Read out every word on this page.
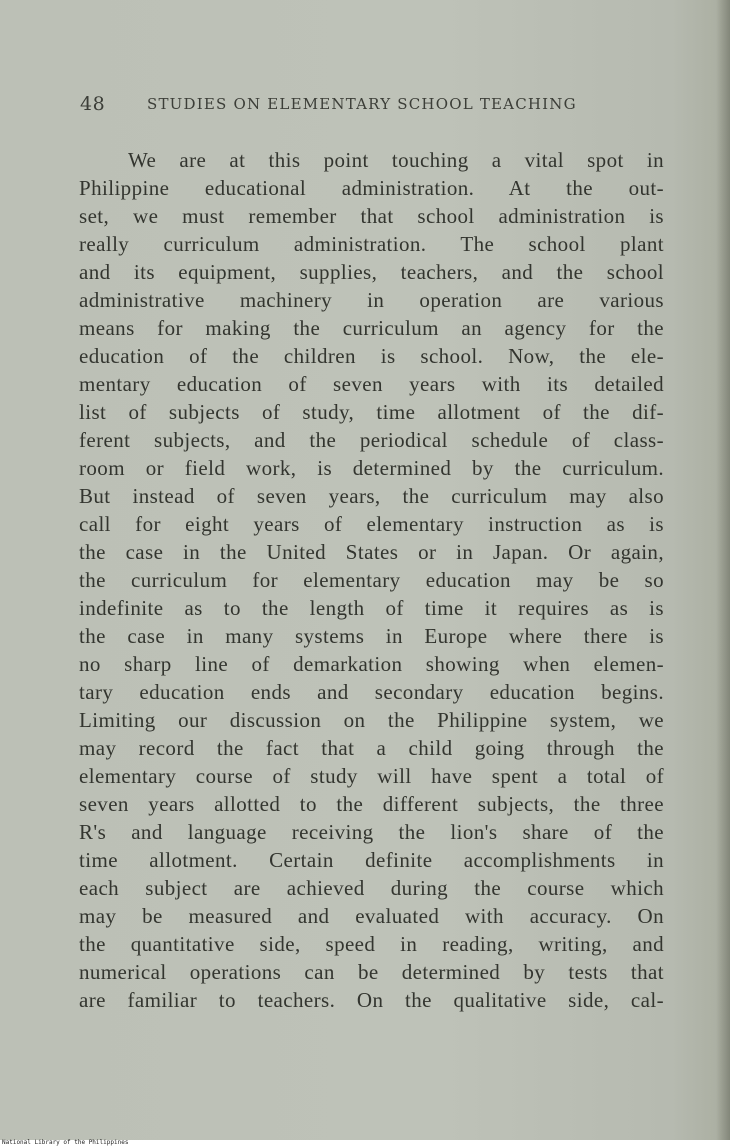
48	STUDIES ON ELEMENTARY SCHOOL TEACHING
We are at this point touching a vital spot in
Philippine educational administration. At the out-
set, we must remember that school administration is
really curriculum administration. The school plant
and its equipment, supplies, teachers, and the school
administrative machinery in operation are various
means for making the curriculum an agency for the
education of the children is school. Now, the ele-
mentary education of seven years with its detailed
list of subjects of study, time allotment of the dif-
ferent subjects, and the periodical schedule of class-
room or field work, is determined by the curriculum.
But instead of seven years, the curriculum may also
call for eight years of elementary instruction as is
the case in the United States or in Japan. Or again,
the curriculum for elementary education may be so
indefinite as to the length of time it requires as is
the case in many systems in Europe where there is
no sharp line of demarkation showing when elemen-
tary education ends and secondary education begins.
Limiting our discussion on the Philippine system, we
may record the fact that a child going through the
elementary course of study will have spent a total of
seven years allotted to the different subjects, the three
R's and language receiving the lion's share of the
time allotment. Certain definite accomplishments in
each subject are achieved during the course which
may be measured and evaluated with accuracy. On
the quantitative side, speed in reading, writing, and
numerical operations can be determined by tests that
are familiar to teachers. On the qualitative side, cal-
National Library of the Philippines
